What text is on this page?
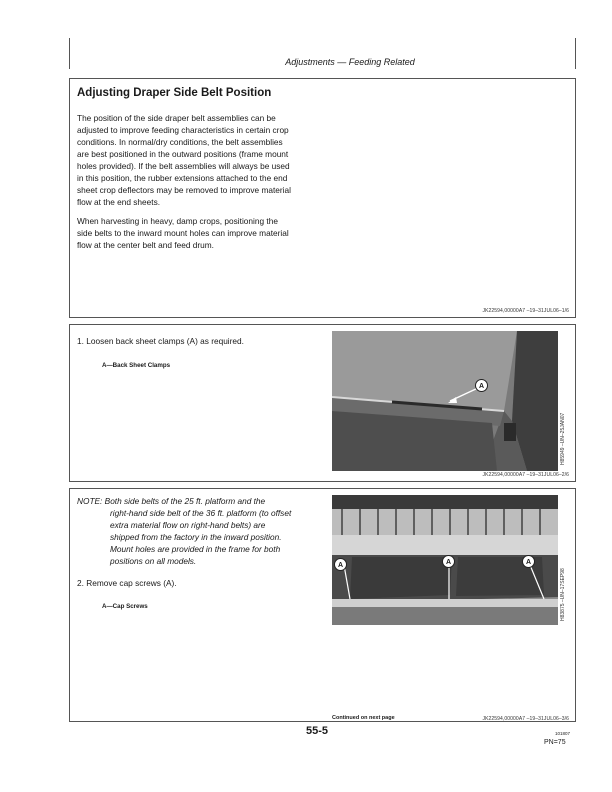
Adjustments — Feeding Related
Adjusting Draper Side Belt Position
The position of the side draper belt assemblies can be
adjusted to improve feeding characteristics in certain crop
conditions. In normal/dry conditions, the belt assemblies
are best positioned in the outward positions (frame mount
holes provided). If the belt assemblies will always be used
in this position, the rubber extensions attached to the end
sheet crop deflectors may be removed to improve material
flow at the end sheets.
When harvesting in heavy, damp crops, positioning the
side belts to the inward mount holes can improve material
flow at the center belt and feed drum.
JK22594,00000A7 –19–31JUL06–1/6
1. Loosen back sheet clamps (A) as required.
A—Back Sheet Clamps
A
H85949 –UN–25JAN07
JK22594,00000A7 –19–31JUL06–2/6
NOTE: Both side belts of the 25 ft. platform and the
right-hand side belt of the 36 ft. platform (to offset
extra material flow on right-hand belts) are
shipped from the factory in the inward position.
Mount holes are provided in the frame for both
positions on all models.
2. Remove cap screws (A).
A—Cap Screws
A	A	A
H83875 –UN–17SEP98
Continued on next page	JK22594,00000A7 –19–31JUL06–3/6
55-5	101807
PN=75
